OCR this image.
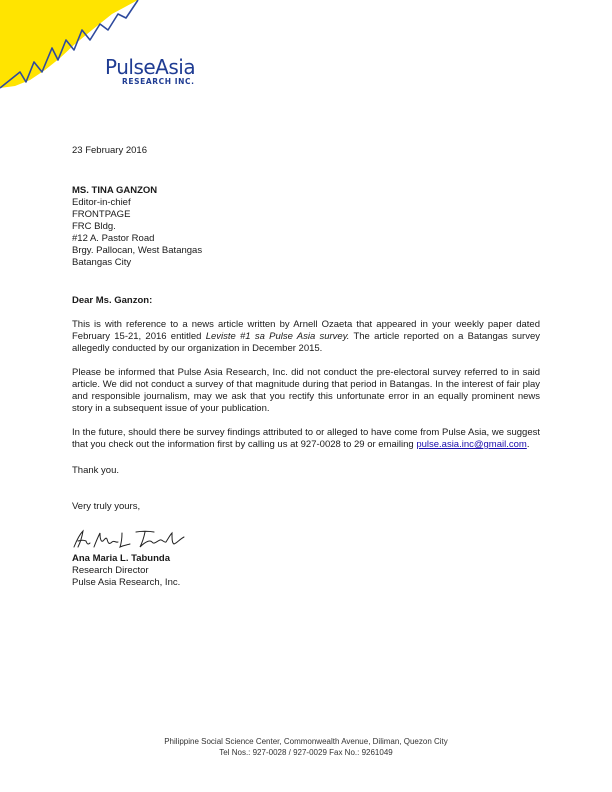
PulseAsia
RESEARCH INC.
23 February 2016
MS. TINA GANZON
Editor-in-chief
FRONTPAGE
FRC Bldg.
#12 A. Pastor Road
Brgy. Pallocan, West Batangas
Batangas City
Dear Ms. Ganzon:

This is with reference to a news article written by Arnell Ozaeta that appeared in your weekly paper dated February 15-21, 2016 entitled Leviste #1 sa Pulse Asia survey. The article reported on a Batangas survey allegedly conducted by our organization in December 2015.

Please be informed that Pulse Asia Research, Inc. did not conduct the pre-electoral survey referred to in said article. We did not conduct a survey of that magnitude during that period in Batangas. In the interest of fair play and responsible journalism, may we ask that you rectify this unfortunate error in an equally prominent news story in a subsequent issue of your publication.

In the future, should there be survey findings attributed to or alleged to have come from Pulse Asia, we suggest that you check out the information first by calling us at 927-0028 to 29 or emailing pulse.asia.inc@gmail.com.

Thank you.
Very truly yours,
Ana Maria L. Tabunda
Research Director
Pulse Asia Research, Inc.
Philippine Social Science Center, Commonwealth Avenue, Diliman, Quezon City
Tel Nos.: 927-0028 / 927-0029 Fax No.: 9261049
